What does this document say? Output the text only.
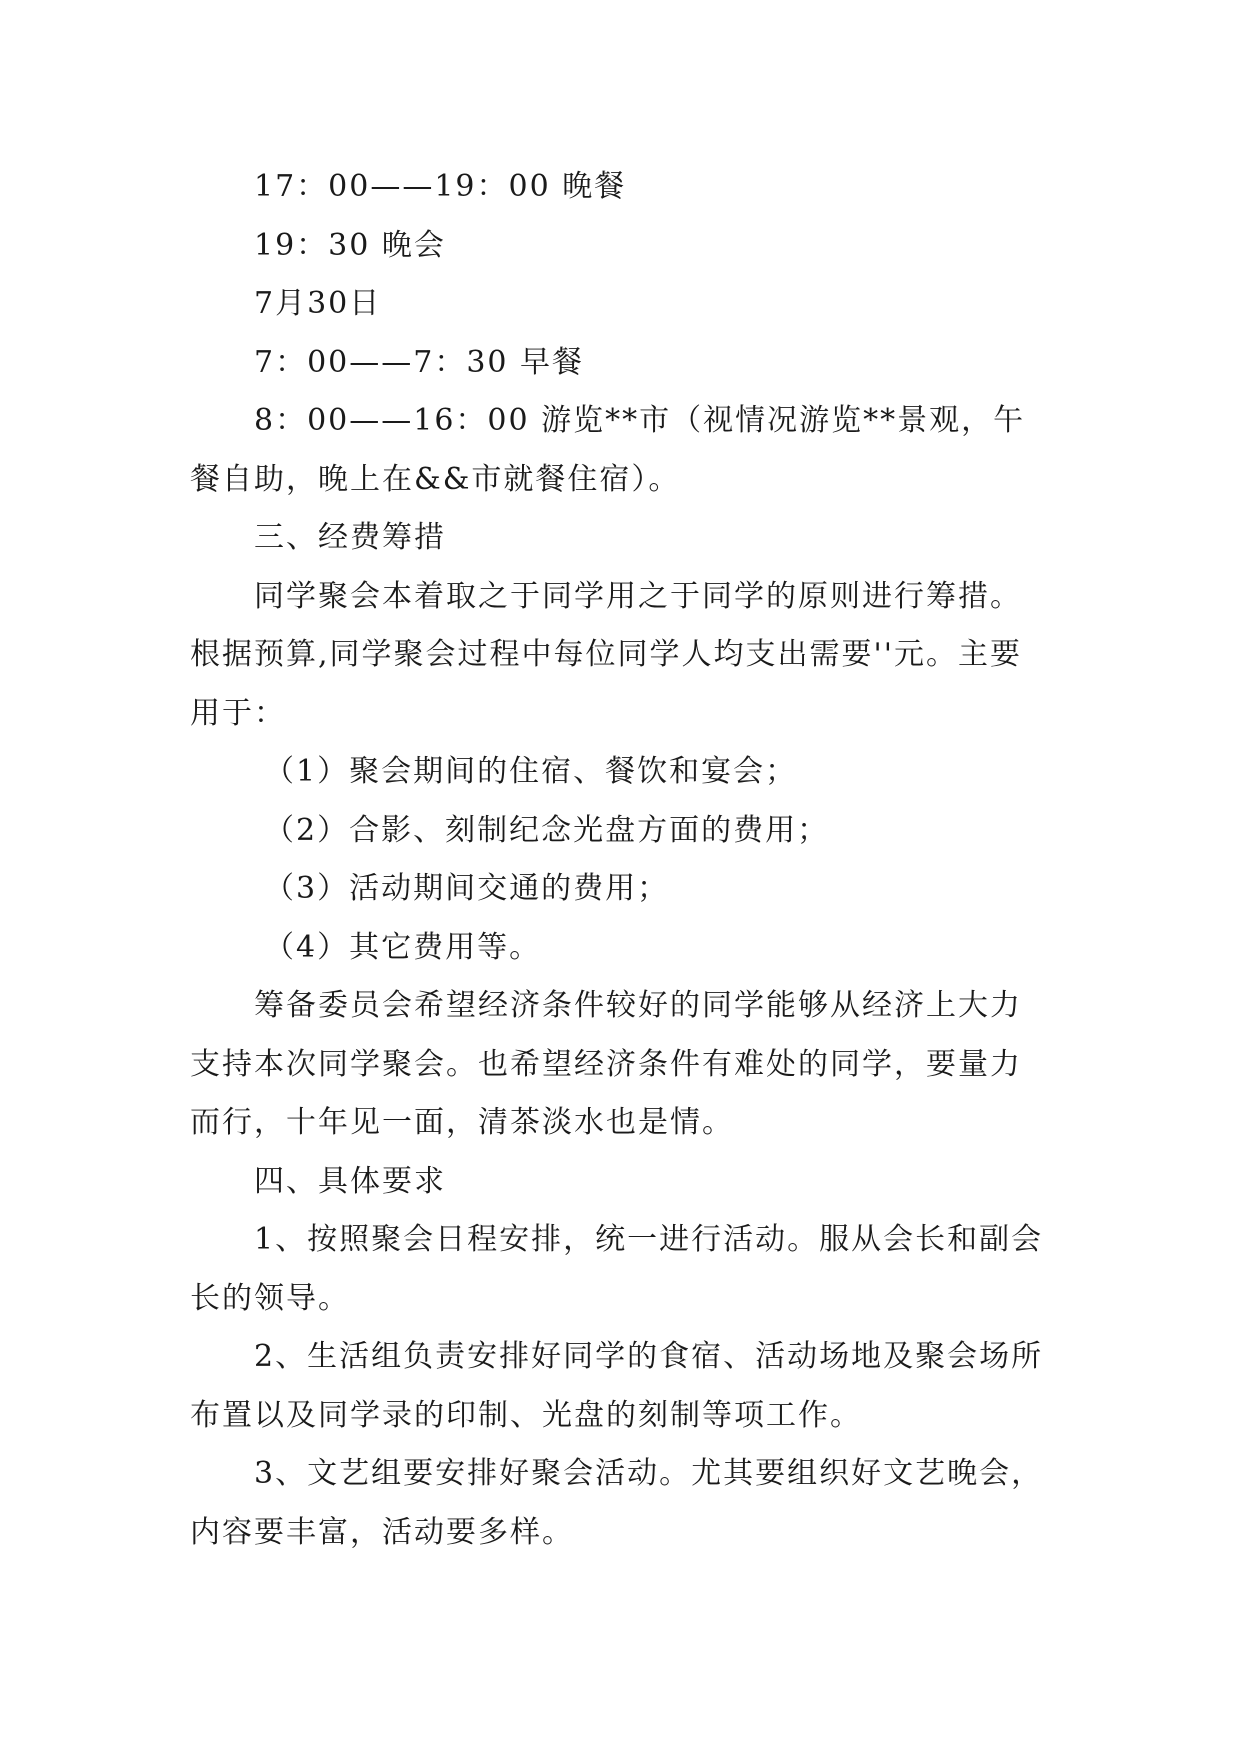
17：00——19：00 晚餐

19：30 晚会

7月30日

7：00——7：30 早餐

8：00——16：00 游览**市（视情况游览**景观，午餐自助，晚上在&&市就餐住宿）。

三、经费筹措

同学聚会本着取之于同学用之于同学的原则进行筹措。根据预算,同学聚会过程中每位同学人均支出需要''元。主要用于：

（1）聚会期间的住宿、餐饮和宴会；

（2）合影、刻制纪念光盘方面的费用；

（3）活动期间交通的费用；

（4）其它费用等。

筹备委员会希望经济条件较好的同学能够从经济上大力支持本次同学聚会。也希望经济条件有难处的同学，要量力而行，十年见一面，清茶淡水也是情。

四、具体要求

1、按照聚会日程安排，统一进行活动。服从会长和副会长的领导。

2、生活组负责安排好同学的食宿、活动场地及聚会场所布置以及同学录的印制、光盘的刻制等项工作。

3、文艺组要安排好聚会活动。尤其要组织好文艺晚会，内容要丰富，活动要多样。
